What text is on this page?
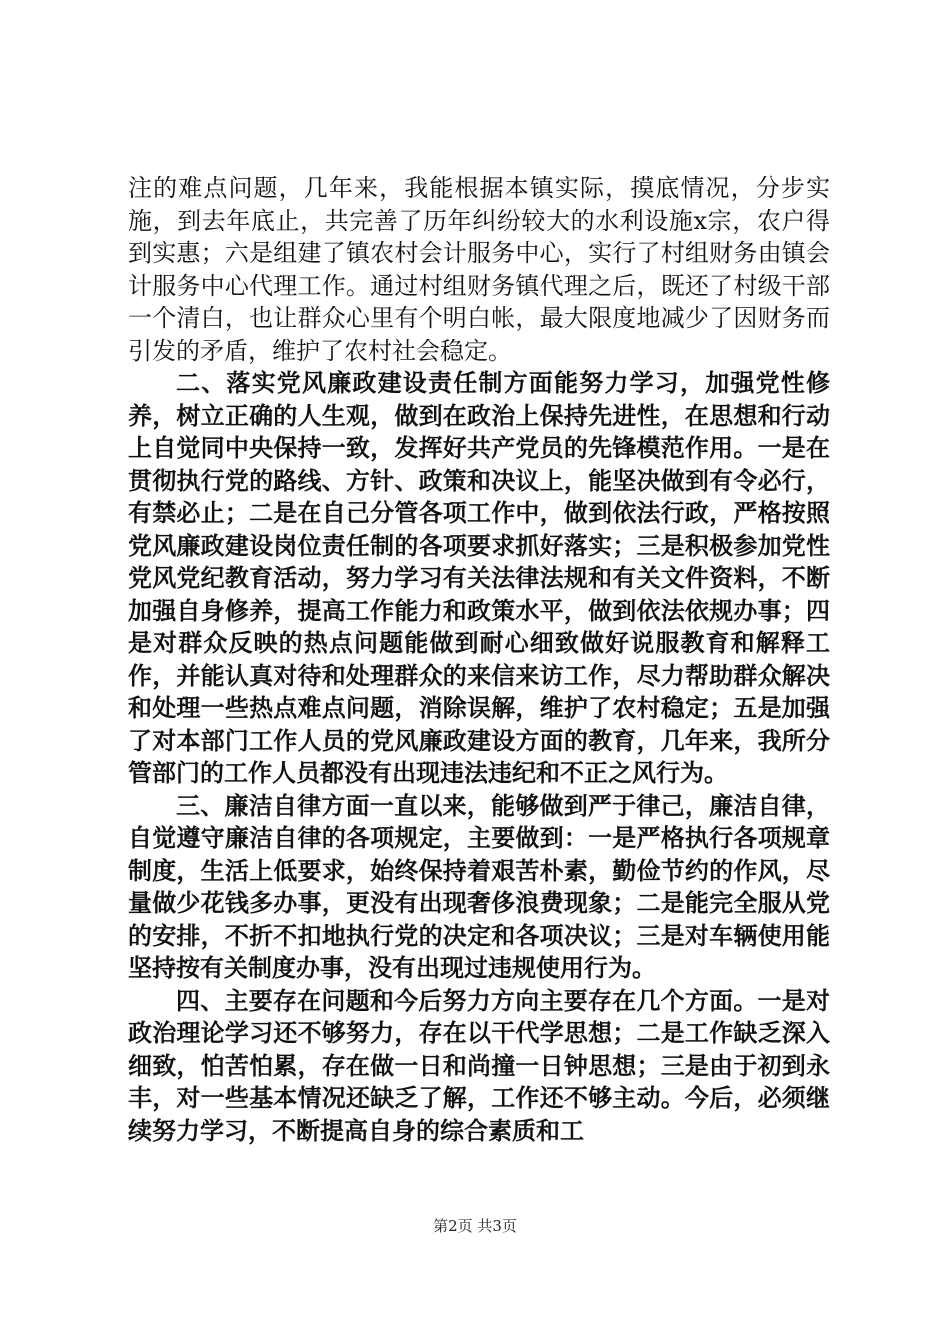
注的难点问题，几年来，我能根据本镇实际，摸底情况，分步实施，到去年底止，共完善了历年纠纷较大的水利设施x宗，农户得到实惠；六是组建了镇农村会计服务中心，实行了村组财务由镇会计服务中心代理工作。通过村组财务镇代理之后，既还了村级干部一个清白，也让群众心里有个明白帐，最大限度地减少了因财务而引发的矛盾，维护了农村社会稳定。

二、落实党风廉政建设责任制方面能努力学习，加强党性修养，树立正确的人生观，做到在政治上保持先进性，在思想和行动上自觉同中央保持一致，发挥好共产党员的先锋模范作用。一是在贯彻执行党的路线、方针、政策和决议上，能坚决做到有令必行，有禁必止；二是在自己分管各项工作中，做到依法行政，严格按照党风廉政建设岗位责任制的各项要求抓好落实；三是积极参加党性党风党纪教育活动，努力学习有关法律法规和有关文件资料，不断加强自身修养，提高工作能力和政策水平，做到依法依规办事；四是对群众反映的热点问题能做到耐心细致做好说服教育和解释工作，并能认真对待和处理群众的来信来访工作，尽力帮助群众解决和处理一些热点难点问题，消除误解，维护了农村稳定；五是加强了对本部门工作人员的党风廉政建设方面的教育，几年来，我所分管部门的工作人员都没有出现违法违纪和不正之风行为。

三、廉洁自律方面一直以来，能够做到严于律己，廉洁自律，自觉遵守廉洁自律的各项规定，主要做到：一是严格执行各项规章制度，生活上低要求，始终保持着艰苦朴素，勤俭节约的作风，尽量做少花钱多办事，更没有出现奢侈浪费现象；二是能完全服从党的安排，不折不扣地执行党的决定和各项决议；三是对车辆使用能坚持按有关制度办事，没有出现过违规使用行为。

四、主要存在问题和今后努力方向主要存在几个方面。一是对政治理论学习还不够努力，存在以干代学思想；二是工作缺乏深入细致，怕苦怕累，存在做一日和尚撞一日钟思想；三是由于初到永丰，对一些基本情况还缺乏了解，工作还不够主动。今后，必须继续努力学习，不断提高自身的综合素质和工

第2页 共3页
